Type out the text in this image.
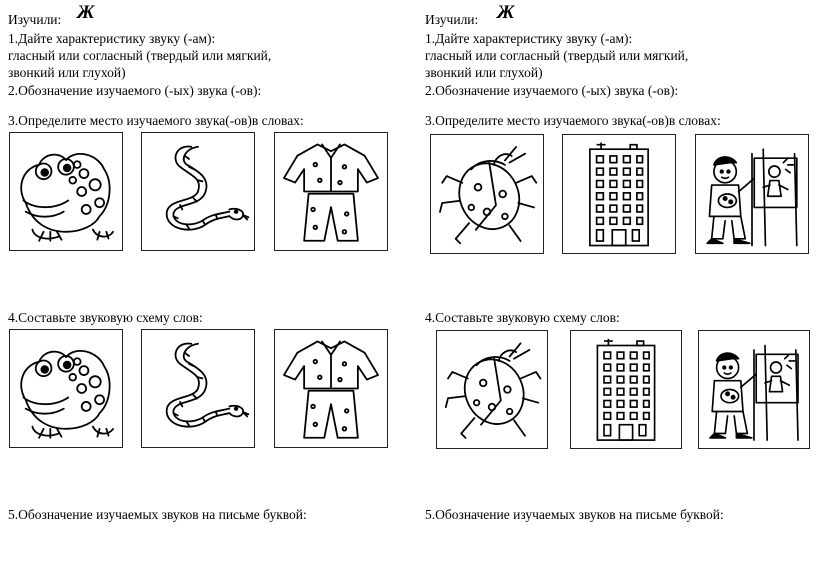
Изучили: Ж
1.Дайте характеристику звуку (-ам):
гласный или согласный (твердый или мягкий,
звонкий или глухой)
2.Обозначение изучаемого (-ых) звука (-ов):
3.Определите место изучаемого звука(-ов)в словах:
4.Составьте звуковую схему слов:
5.Обозначение изучаемых звуков на письме буквой:
Изучили: Ж
1.Дайте характеристику звуку (-ам):
гласный или согласный (твердый или мягкий,
звонкий или глухой)
2.Обозначение изучаемого (-ых) звука (-ов):
3.Определите место изучаемого звука(-ов)в словах:
4.Составьте звуковую схему слов:
5.Обозначение изучаемых звуков на письме буквой:
